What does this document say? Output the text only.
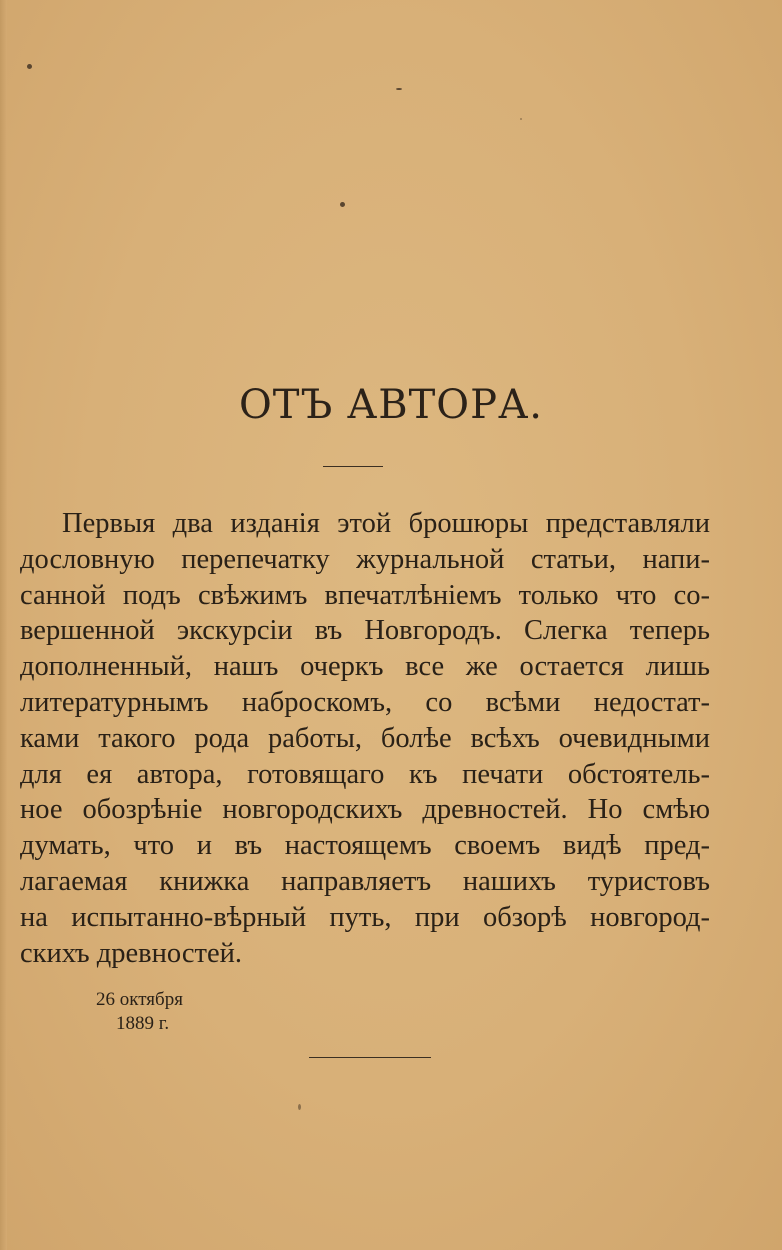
ОТЪ АВТОРА.
Первыя два изданія этой брошюры представляли
дословную перепечатку журнальной статьи, напи-
санной подъ свѣжимъ впечатлѣніемъ только что со-
вершенной экскурсіи въ Новгородъ. Слегка теперь
дополненный, нашъ очеркъ все же остается лишь
литературнымъ наброскомъ, со всѣми недостат-
ками такого рода работы, болѣе всѣхъ очевидными
для ея автора, готовящаго къ печати обстоятель-
ное обозрѣніе новгородскихъ древностей. Но смѣю
думать, что и въ настоящемъ своемъ видѣ пред-
лагаемая книжка направляетъ нашихъ туристовъ
на испытанно-вѣрный путь, при обзорѣ новгород-
скихъ древностей.
26 октября
1889 г.
